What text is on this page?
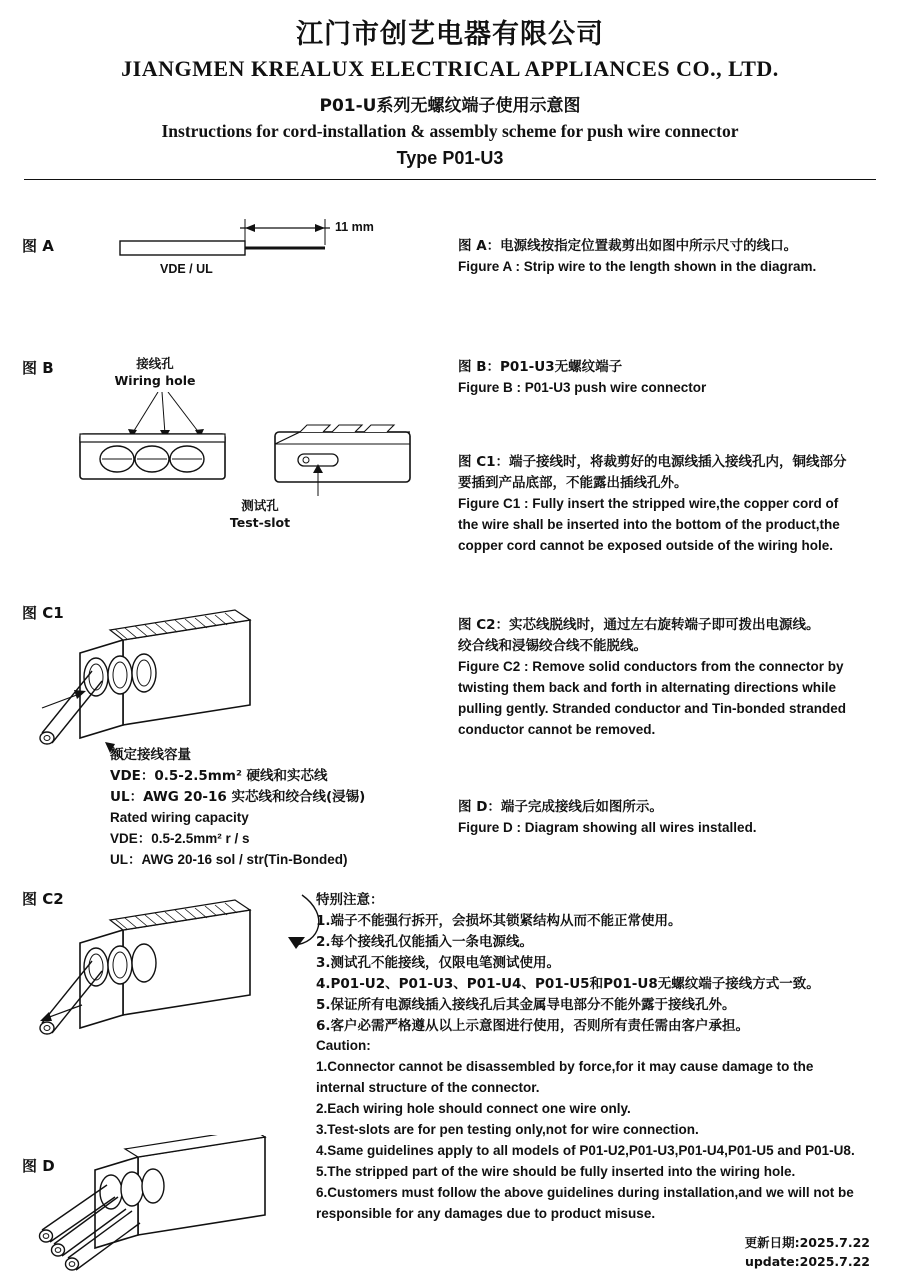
江门市创艺电器有限公司
JIANGMEN KREALUX ELECTRICAL APPLIANCES CO., LTD.
P01-U系列无螺纹端子使用示意图
Instructions for cord-installation & assembly scheme for push wire connector
Type P01-U3
图 A
11 mm
VDE / UL
图 A：电源线按指定位置裁剪出如图中所示尺寸的线口。
Figure A : Strip wire to the length shown in the diagram.
图 B	接线孔
Wiring hole
测试孔
Test-slot
图 B：P01-U3无螺纹端子
Figure B : P01-U3 push wire connector
图 C1：端子接线时，将裁剪好的电源线插入接线孔内，铜线部分
要插到产品底部，不能露出插线孔外。
Figure C1 : Fully insert the stripped wire,the copper cord of
the wire shall be inserted into the bottom of the product,the
copper cord cannot be exposed outside of the wiring hole.
图 C1
额定接线容量
VDE：0.5-2.5mm² 硬线和实芯线
UL：AWG 20-16 实芯线和绞合线(浸锡)
Rated wiring capacity
VDE：0.5-2.5mm² r / s
UL：AWG 20-16 sol / str(Tin-Bonded)
图 C2：实芯线脱线时，通过左右旋转端子即可拨出电源线。
绞合线和浸锡绞合线不能脱线。
Figure C2 : Remove solid conductors from the connector by
twisting them back and forth in alternating directions while
pulling gently. Stranded conductor and Tin-bonded stranded
conductor cannot be removed.
图 D：端子完成接线后如图所示。
Figure D : Diagram showing all wires installed.
图 C2	特别注意：
1.端子不能强行拆开，会损坏其锁紧结构从而不能正常使用。
2.每个接线孔仅能插入一条电源线。
3.测试孔不能接线，仅限电笔测试使用。
4.P01-U2、P01-U3、P01-U4、P01-U5和P01-U8无螺纹端子接线方式一致。
5.保证所有电源线插入接线孔后其金属导电部分不能外露于接线孔外。
6.客户必需严格遵从以上示意图进行使用，否则所有责任需由客户承担。
Caution:
1.Connector cannot be disassembled by force,for it may cause damage to the
internal structure of the connector.
2.Each wiring hole should connect one wire only.
3.Test-slots are for pen testing only,not for wire connection.
4.Same guidelines apply to all models of P01-U2,P01-U3,P01-U4,P01-U5 and P01-U8.
5.The stripped part of the wire should be fully inserted into the wiring hole.
6.Customers must follow the above guidelines during installation,and we will not be
responsible for any damages due to product misuse.
图 D
更新日期:2025.7.22
update:2025.7.22
